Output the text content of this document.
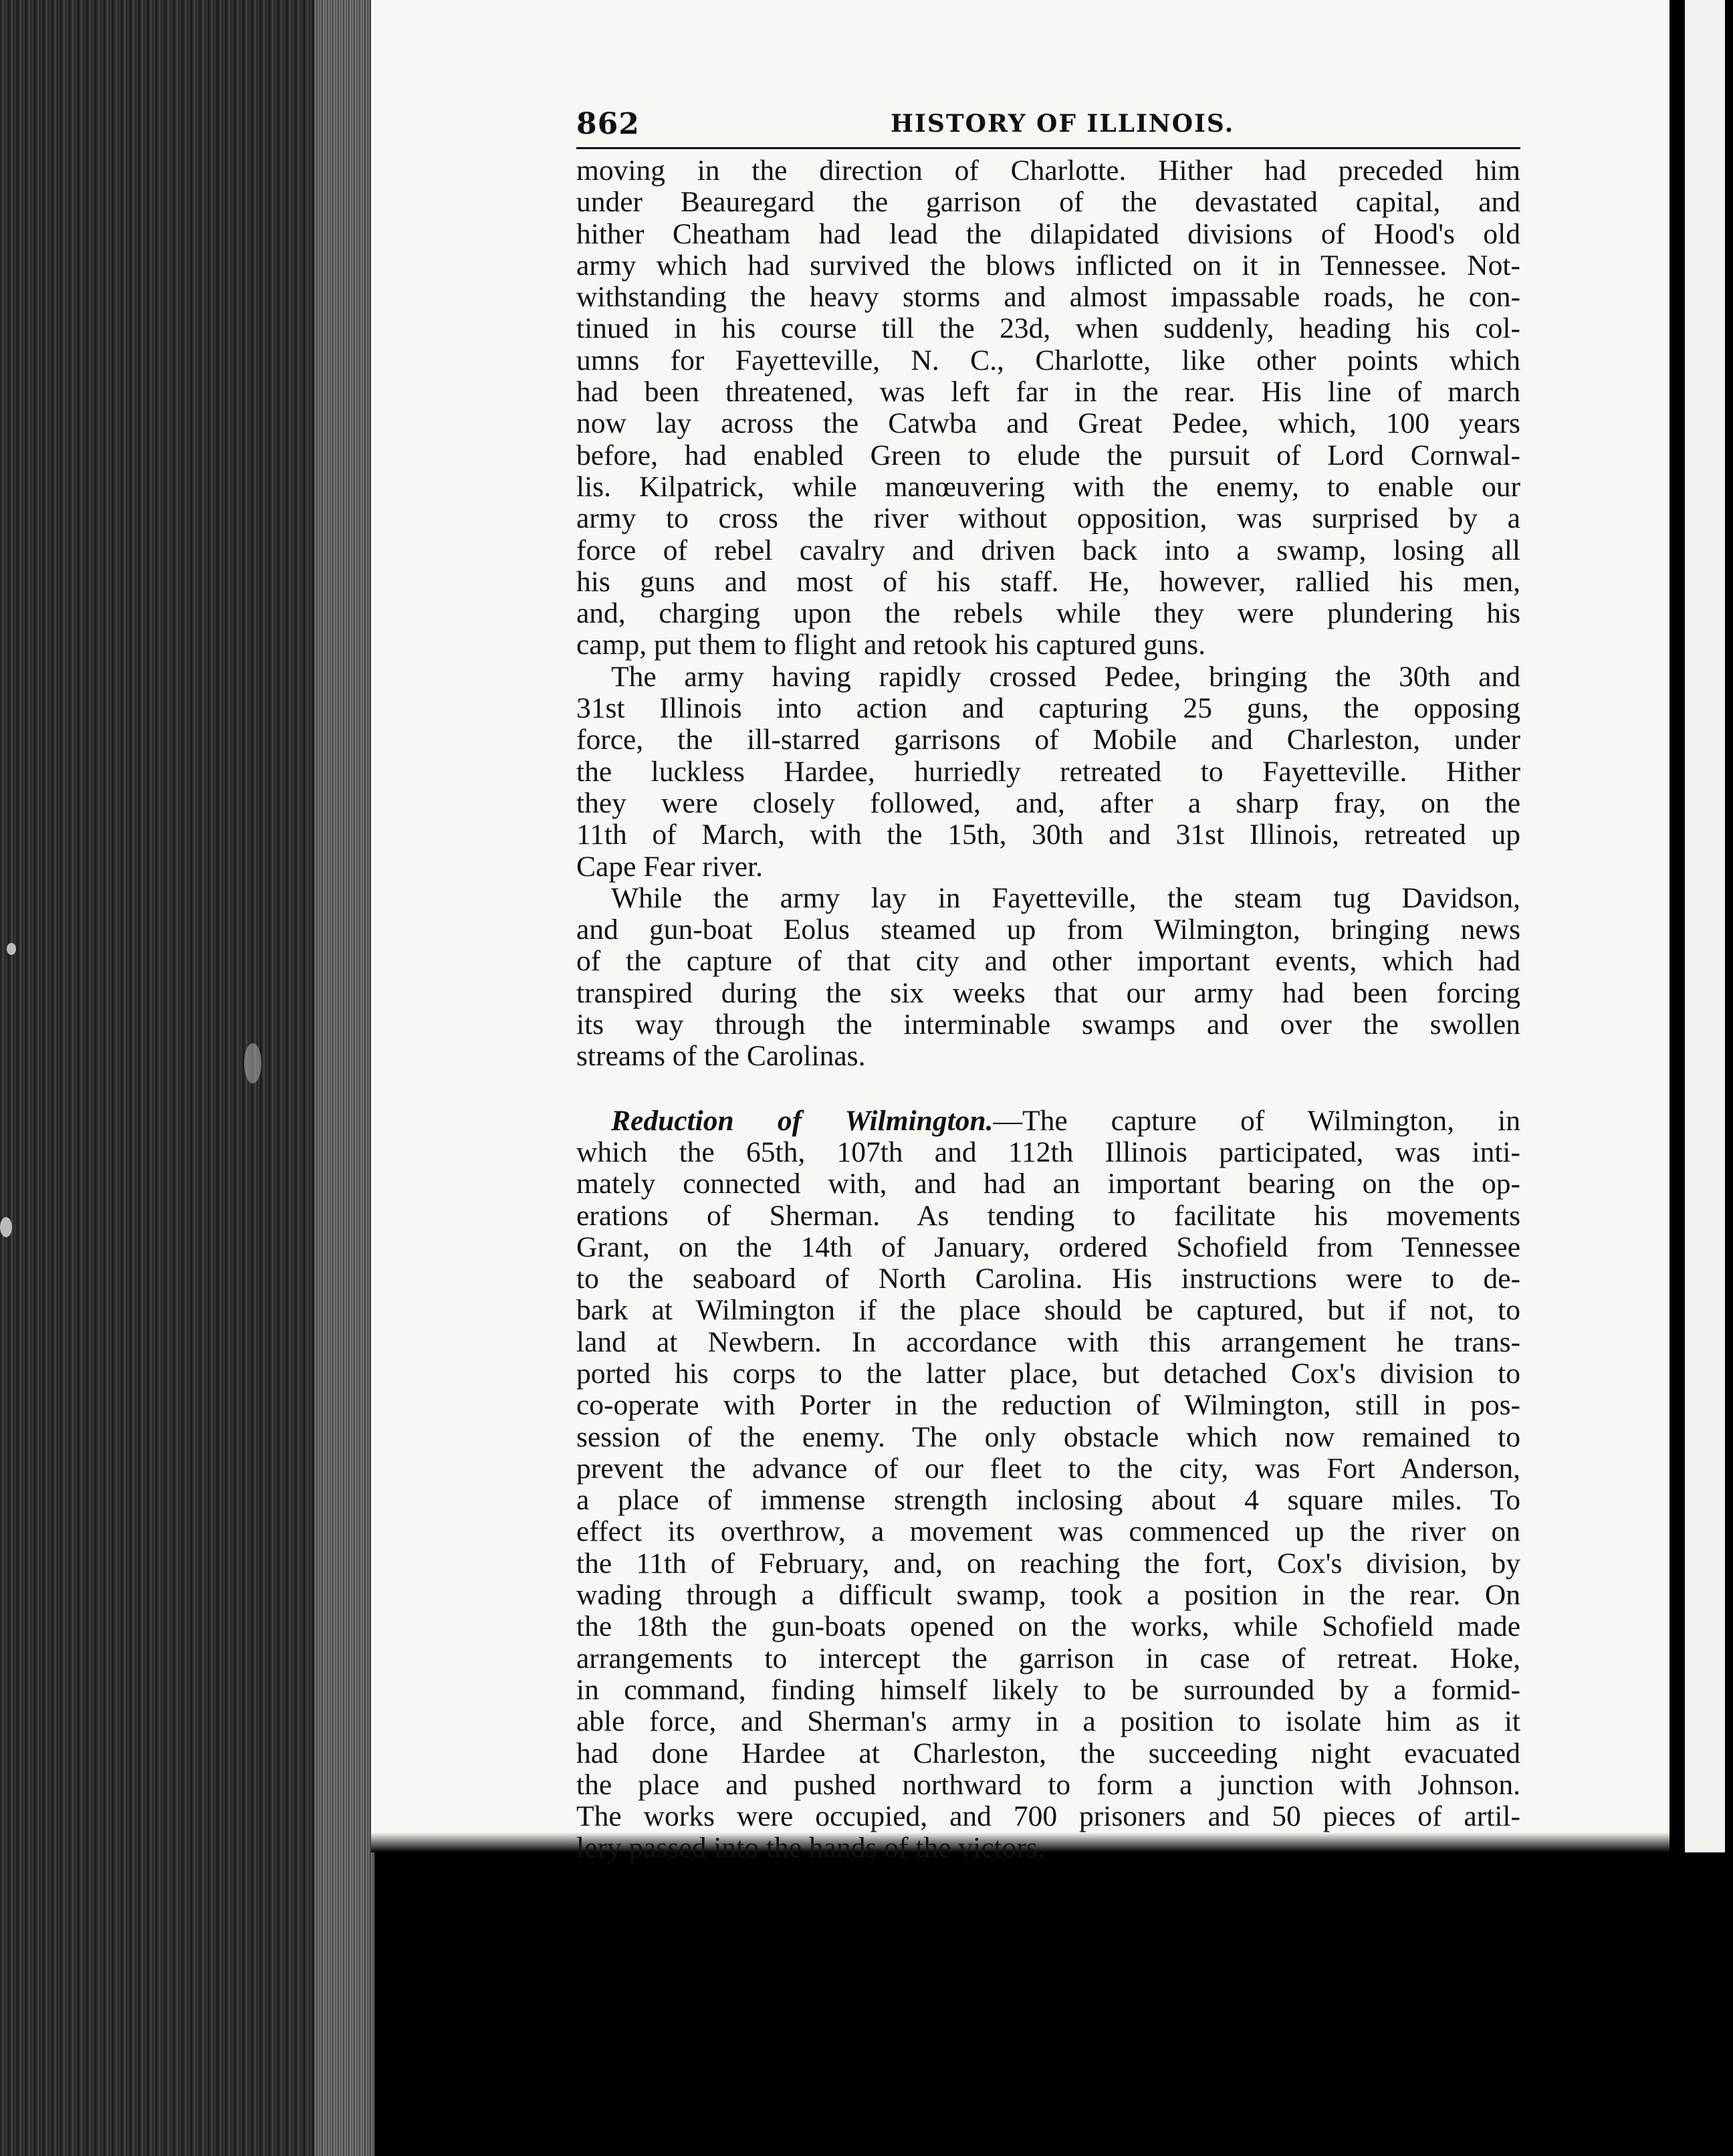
862	HISTORY OF ILLINOIS.
moving in the direction of Charlotte. Hither had preceded him
under Beauregard the garrison of the devastated capital, and
hither Cheatham had lead the dilapidated divisions of Hood's old
army which had survived the blows inflicted on it in Tennessee. Not-
withstanding the heavy storms and almost impassable roads, he con-
tinued in his course till the 23d, when suddenly, heading his col-
umns for Fayetteville, N. C., Charlotte, like other points which
had been threatened, was left far in the rear. His line of march
now lay across the Catwba and Great Pedee, which, 100 years
before, had enabled Green to elude the pursuit of Lord Cornwal-
lis. Kilpatrick, while manœuvering with the enemy, to enable our
army to cross the river without opposition, was surprised by a
force of rebel cavalry and driven back into a swamp, losing all
his guns and most of his staff. He, however, rallied his men,
and, charging upon the rebels while they were plundering his
camp, put them to flight and retook his captured guns.
The army having rapidly crossed Pedee, bringing the 30th and
31st Illinois into action and capturing 25 guns, the opposing
force, the ill-starred garrisons of Mobile and Charleston, under
the luckless Hardee, hurriedly retreated to Fayetteville. Hither
they were closely followed, and, after a sharp fray, on the
11th of March, with the 15th, 30th and 31st Illinois, retreated up
Cape Fear river.
While the army lay in Fayetteville, the steam tug Davidson,
and gun-boat Eolus steamed up from Wilmington, bringing news
of the capture of that city and other important events, which had
transpired during the six weeks that our army had been forcing
its way through the interminable swamps and over the swollen
streams of the Carolinas.
Reduction of Wilmington.—The capture of Wilmington, in
which the 65th, 107th and 112th Illinois participated, was inti-
mately connected with, and had an important bearing on the op-
erations of Sherman. As tending to facilitate his movements
Grant, on the 14th of January, ordered Schofield from Tennessee
to the seaboard of North Carolina. His instructions were to de-
bark at Wilmington if the place should be captured, but if not, to
land at Newbern. In accordance with this arrangement he trans-
ported his corps to the latter place, but detached Cox's division to
co-operate with Porter in the reduction of Wilmington, still in pos-
session of the enemy. The only obstacle which now remained to
prevent the advance of our fleet to the city, was Fort Anderson,
a place of immense strength inclosing about 4 square miles. To
effect its overthrow, a movement was commenced up the river on
the 11th of February, and, on reaching the fort, Cox's division, by
wading through a difficult swamp, took a position in the rear. On
the 18th the gun-boats opened on the works, while Schofield made
arrangements to intercept the garrison in case of retreat. Hoke,
in command, finding himself likely to be surrounded by a formid-
able force, and Sherman's army in a position to isolate him as it
had done Hardee at Charleston, the succeeding night evacuated
the place and pushed northward to form a junction with Johnson.
The works were occupied, and 700 prisoners and 50 pieces of artil-
lery passed into the hands of the victors.
